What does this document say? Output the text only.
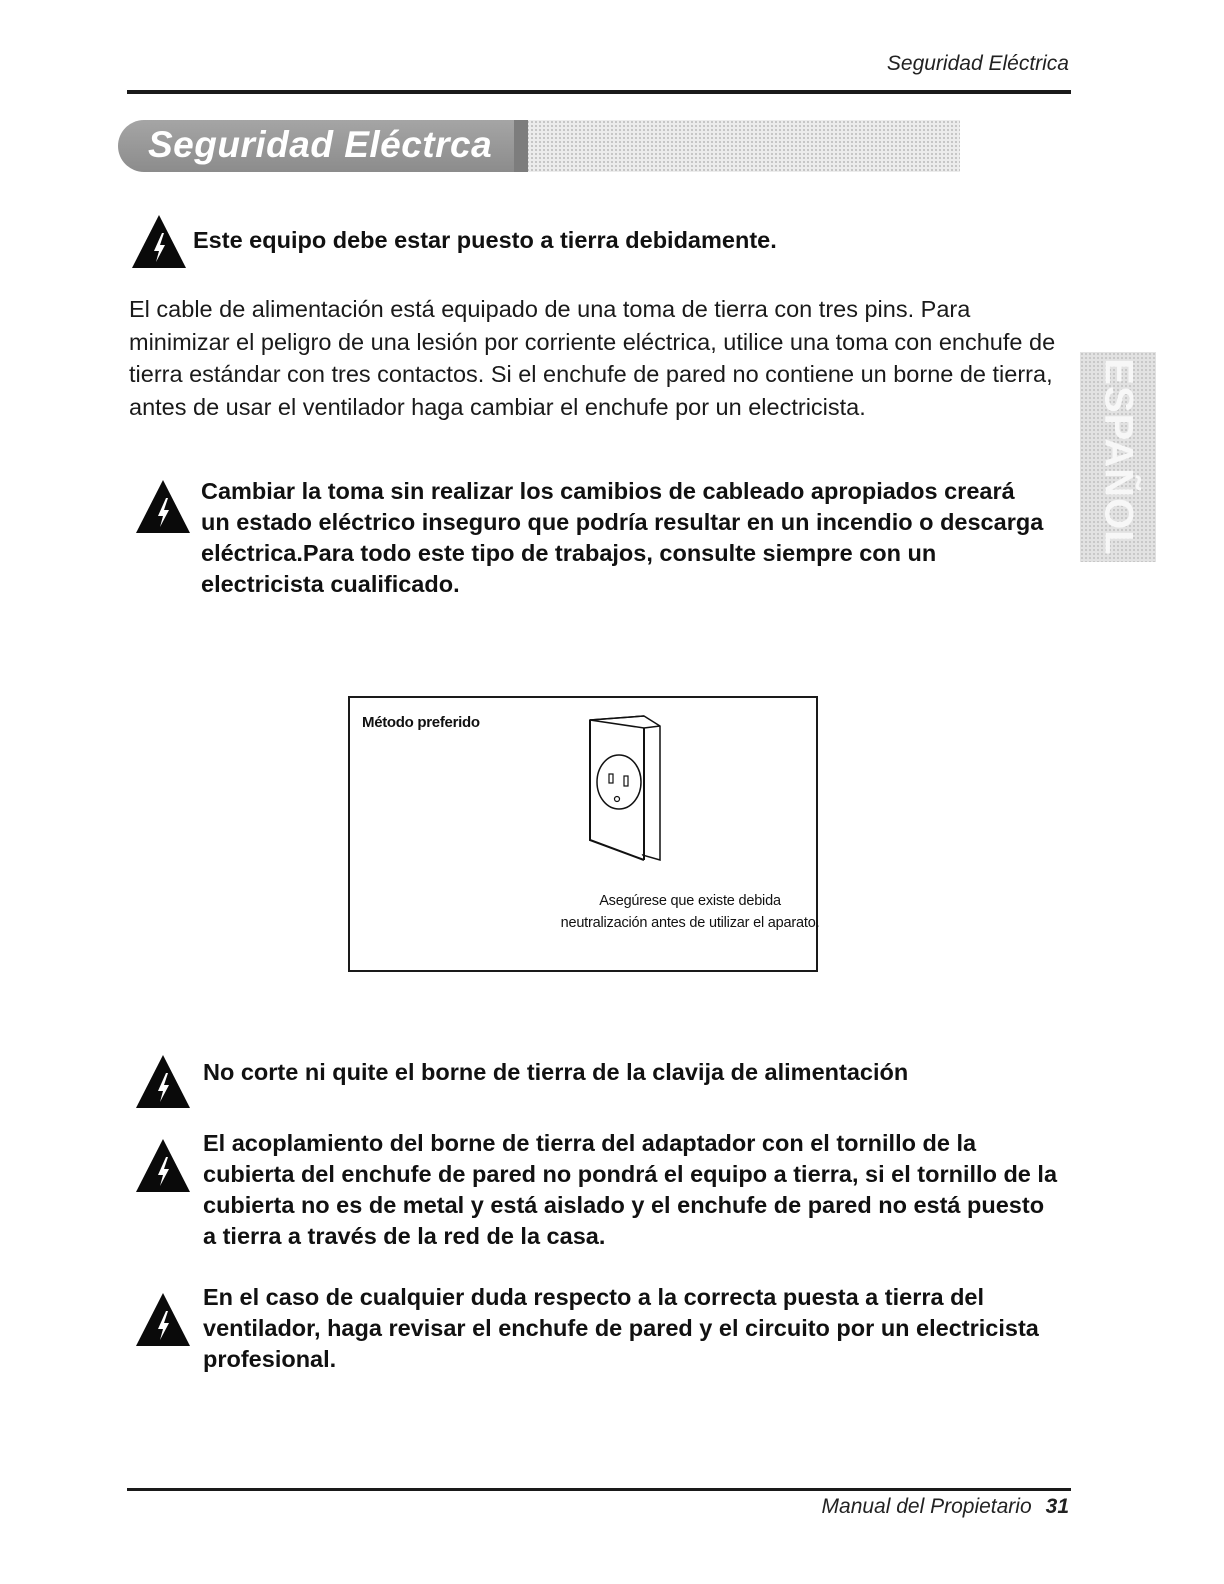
Seguridad Eléctrica
Seguridad Eléctrca

Este equipo debe estar puesto a tierra debidamente.

El cable de alimentación está equipado de una toma de tierra con tres pins. Para minimizar el peligro de una lesión por corriente eléctrica, utilice una toma con enchufe de tierra estándar con tres contactos. Si el enchufe de pared no contiene un borne de tierra, antes de usar el ventilador haga cambiar el enchufe por un electricista.

Cambiar la toma sin realizar los camibios de cableado apropiados creará un estado eléctrico inseguro que podría resultar en un incendio o descarga eléctrica.Para todo este tipo de trabajos, consulte siempre con un electricista cualificado.

ESPAÑOL
Método preferido
Asegúrese que existe debida neutralización antes de utilizar el aparato.

No corte ni quite el borne de tierra de la clavija de alimentación

El acoplamiento del borne de tierra del adaptador con el tornillo de la cubierta del enchufe de pared no pondrá el equipo a tierra, si el tornillo de la cubierta no es de metal y está aislado y el enchufe de pared no está puesto a tierra a través de la red de la casa.

En el caso de cualquier duda respecto a la correcta puesta a tierra del ventilador, haga revisar el enchufe de pared y el circuito por un electricista profesional.

Manual del Propietario 31
